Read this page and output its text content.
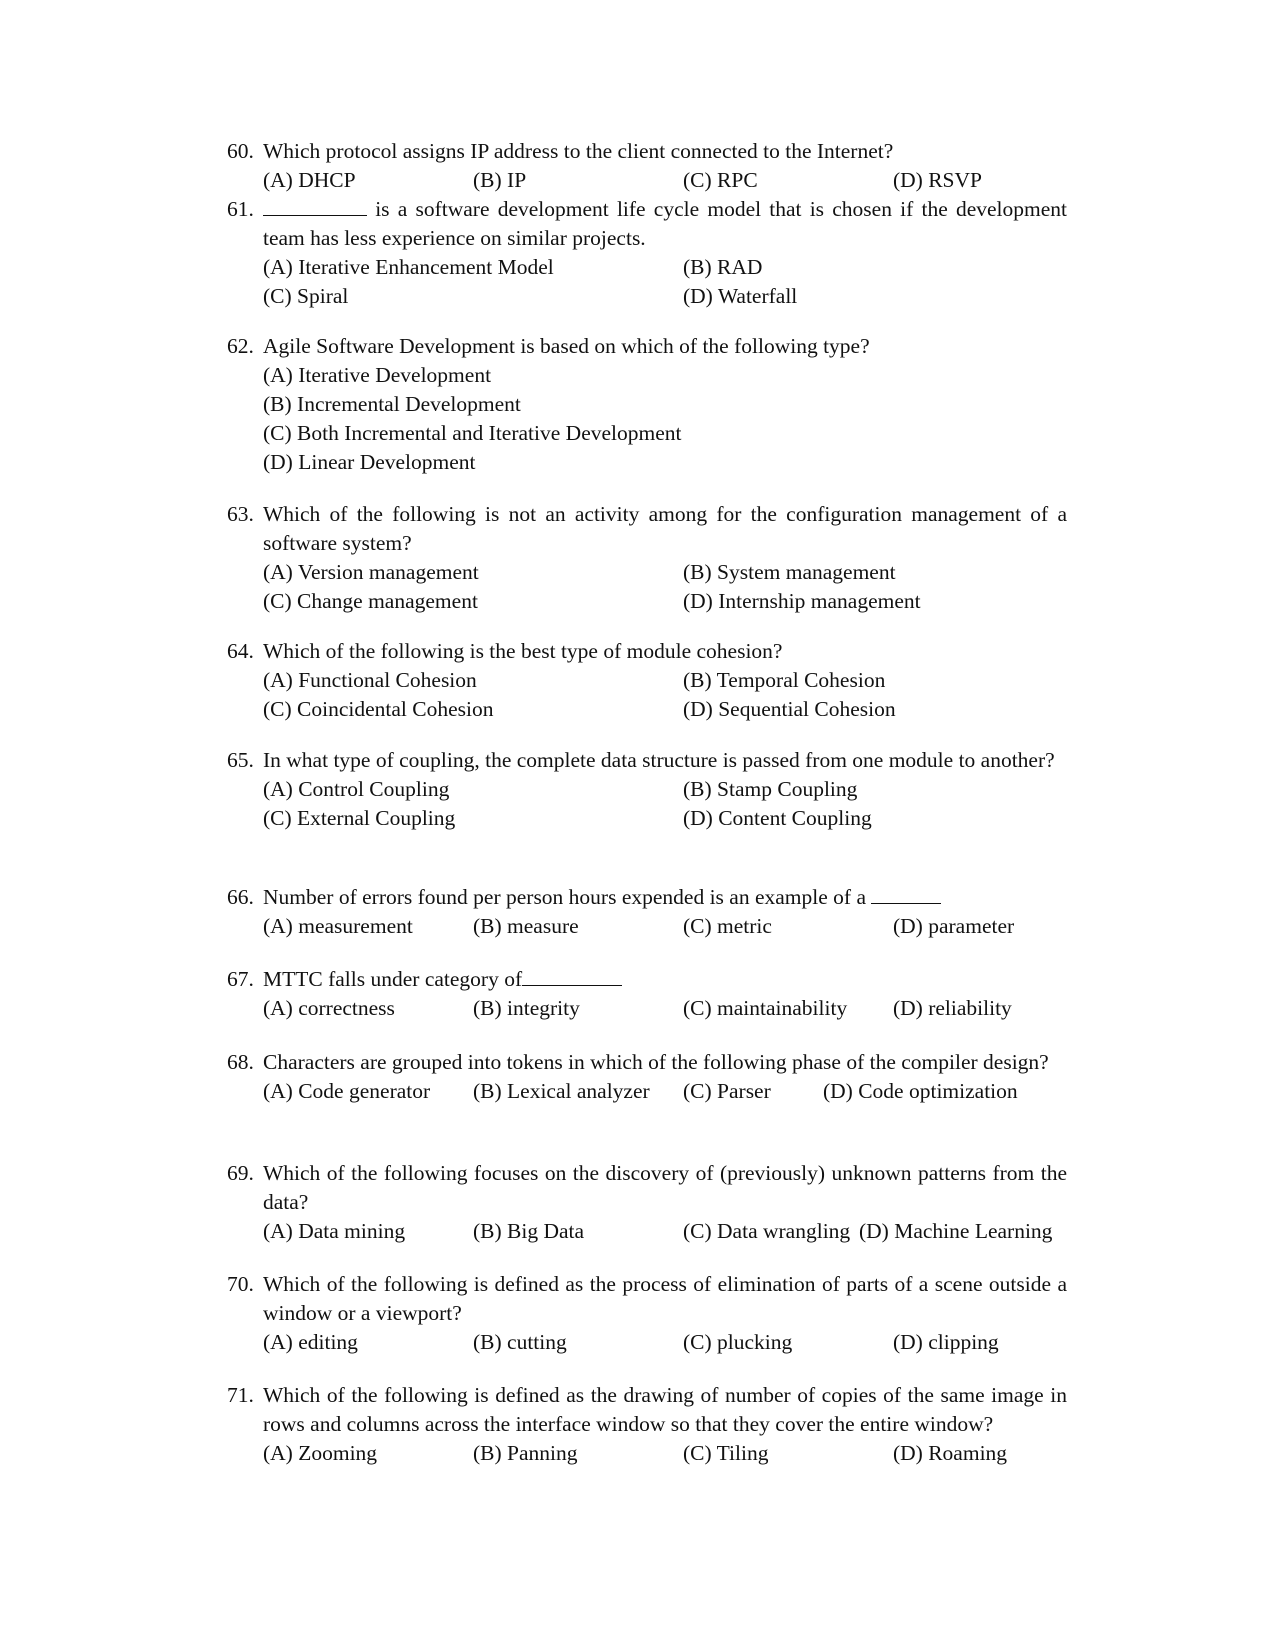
60. Which protocol assigns IP address to the client connected to the Internet?
(A) DHCP	(B) IP	(C) RPC	(D) RSVP
61.	is a software development life cycle model that is chosen if the development team has less experience on similar projects.
(A) Iterative Enhancement Model	(B) RAD
(C) Spiral	(D) Waterfall
62. Agile Software Development is based on which of the following type?
(A) Iterative Development
(B) Incremental Development
(C) Both Incremental and Iterative Development
(D) Linear Development
63. Which of the following is not an activity among for the configuration management of a software system?
(A) Version management	(B) System management
(C) Change management	(D) Internship management
64. Which of the following is the best type of module cohesion?
(A) Functional Cohesion	(B) Temporal Cohesion
(C) Coincidental Cohesion	(D) Sequential Cohesion
65. In what type of coupling, the complete data structure is passed from one module to another?
(A) Control Coupling	(B) Stamp Coupling
(C) External Coupling	(D) Content Coupling
66. Number of errors found per person hours expended is an example of a
(A) measurement	(B) measure	(C) metric	(D) parameter
67. MTTC falls under category of
(A) correctness	(B) integrity	(C) maintainability (D) reliability
68. Characters are grouped into tokens in which of the following phase of the compiler design?
(A) Code generator (B) Lexical analyzer (C) Parser (D) Code optimization
69. Which of the following focuses on the discovery of (previously) unknown patterns from the data?
(A) Data mining	(B) Big Data	(C) Data wrangling (D) Machine Learning
70. Which of the following is defined as the process of elimination of parts of a scene outside a window or a viewport?
(A) editing	(B) cutting	(C) plucking	(D) clipping
71. Which of the following is defined as the drawing of number of copies of the same image in rows and columns across the interface window so that they cover the entire window?
(A) Zooming	(B) Panning	(C) Tiling	(D) Roaming
